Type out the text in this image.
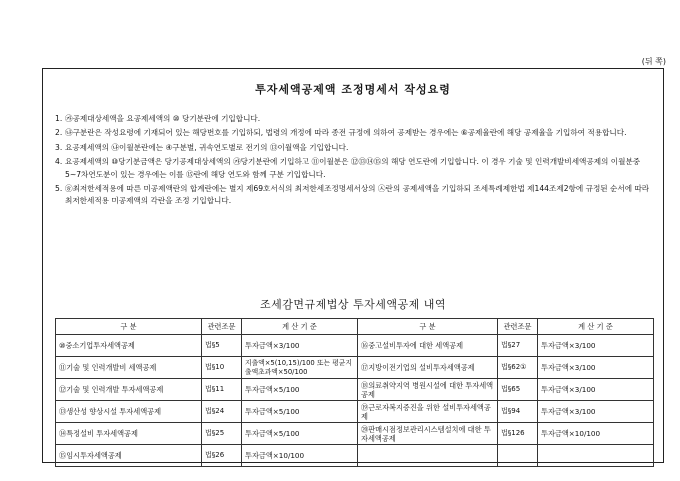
(뒤 쪽)
투자세액공제액 조정명세서 작성요령
1. ㉮공제대상세액을 요공제세액의 ⑩ 당기분란에 기입합니다.
2. ㉯구분란은 작성요령에 기재되어 있는 해당번호를 기입하되, 법령의 개정에 따라 종전 규정에 의하여 공제받는 경우에는 ⑥공제율란에 해당 공제율을 기입하여 적용합니다.
3. 요공제세액의 ㉯이월분란에는 ④구분별, 귀속연도별로 전기의 ⑬이월액을 기입합니다.
4. 요공제세액의 ⑩당기분금액은 당기공제대상세액의 ㉮당기분란에 기입하고 ⑪이월분은 ⑫⑬⑭⑮의 해당 연도란에 기입합니다. 이 경우 기술 및 인력개발비세액공제의 이월분중 5~7차연도분이 있는 경우에는 이를 ⑮란에 해당 연도와 함께 구분 기입합니다.
5. ㉭최저한세적용에 따른 미공제액란의 합계란에는 별지 제69호서식의 최저한세조정명세서상의 ㉦란의 공제세액을 기입하되 조세특례제한법 제144조제2항에 규정된 순서에 따라 최저한세적용 미공제액의 각란을 조정 기입합니다.
조세감면규제법상 투자세액공제 내역
구 분	관련조문	계 산 기 준	구 분	관련조문	계 산 기 준
⑩중소기업투자세액공제	법§5	투자금액×3/100	⑯중고설비투자에 대한 세액공제	법§27	투자금액×3/100
⑪기술 및 인력개발비 세액공제	법§10	지출액×5(10,15)/100 또는 평균지출액초과액×50/100	⑰지방이전기업의 설비투자세액공제	법§62①	투자금액×3/100
⑫기술 및 인력개발 투자세액공제	법§11	투자금액×5/100	⑱의료취약지역 병원시설에 대한 투자세액공제	법§65	투자금액×3/100
⑬생산성 향상시설 투자세액공제	법§24	투자금액×5/100	⑲근로자복지증진을 위한 설비투자세액공제	법§94	투자금액×3/100
⑭특정설비 투자세액공제	법§25	투자금액×5/100	⑳판매시점정보관리시스템설치에 대한 투자세액공제	법§126	투자금액×10/100
⑮임시투자세액공제	법§26	투자금액×10/100			
